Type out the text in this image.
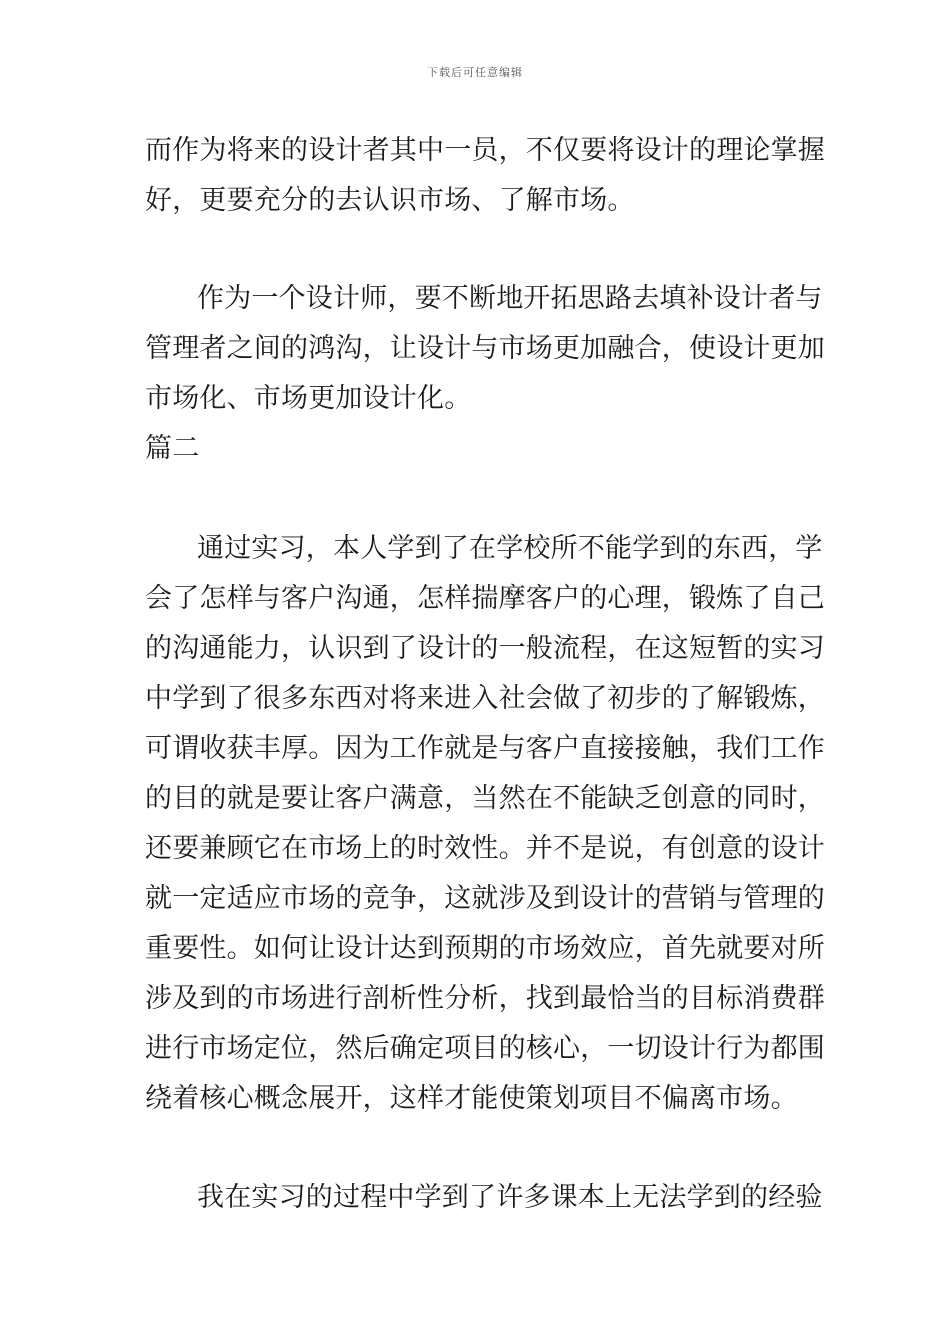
下载后可任意编辑
而作为将来的设计者其中一员，不仅要将设计的理论掌握
好，更要充分的去认识市场、了解市场。
作为一个设计师，要不断地开拓思路去填补设计者与
管理者之间的鸿沟，让设计与市场更加融合，使设计更加
市场化、市场更加设计化。
篇二
通过实习，本人学到了在学校所不能学到的东西，学
会了怎样与客户沟通，怎样揣摩客户的心理，锻炼了自己
的沟通能力，认识到了设计的一般流程，在这短暂的实习
中学到了很多东西对将来进入社会做了初步的了解锻炼，
可谓收获丰厚。因为工作就是与客户直接接触，我们工作
的目的就是要让客户满意，当然在不能缺乏创意的同时，
还要兼顾它在市场上的时效性。并不是说，有创意的设计
就一定适应市场的竞争，这就涉及到设计的营销与管理的
重要性。如何让设计达到预期的市场效应，首先就要对所
涉及到的市场进行剖析性分析，找到最恰当的目标消费群
进行市场定位，然后确定项目的核心，一切设计行为都围
绕着核心概念展开，这样才能使策划项目不偏离市场。
我在实习的过程中学到了许多课本上无法学到的经验
